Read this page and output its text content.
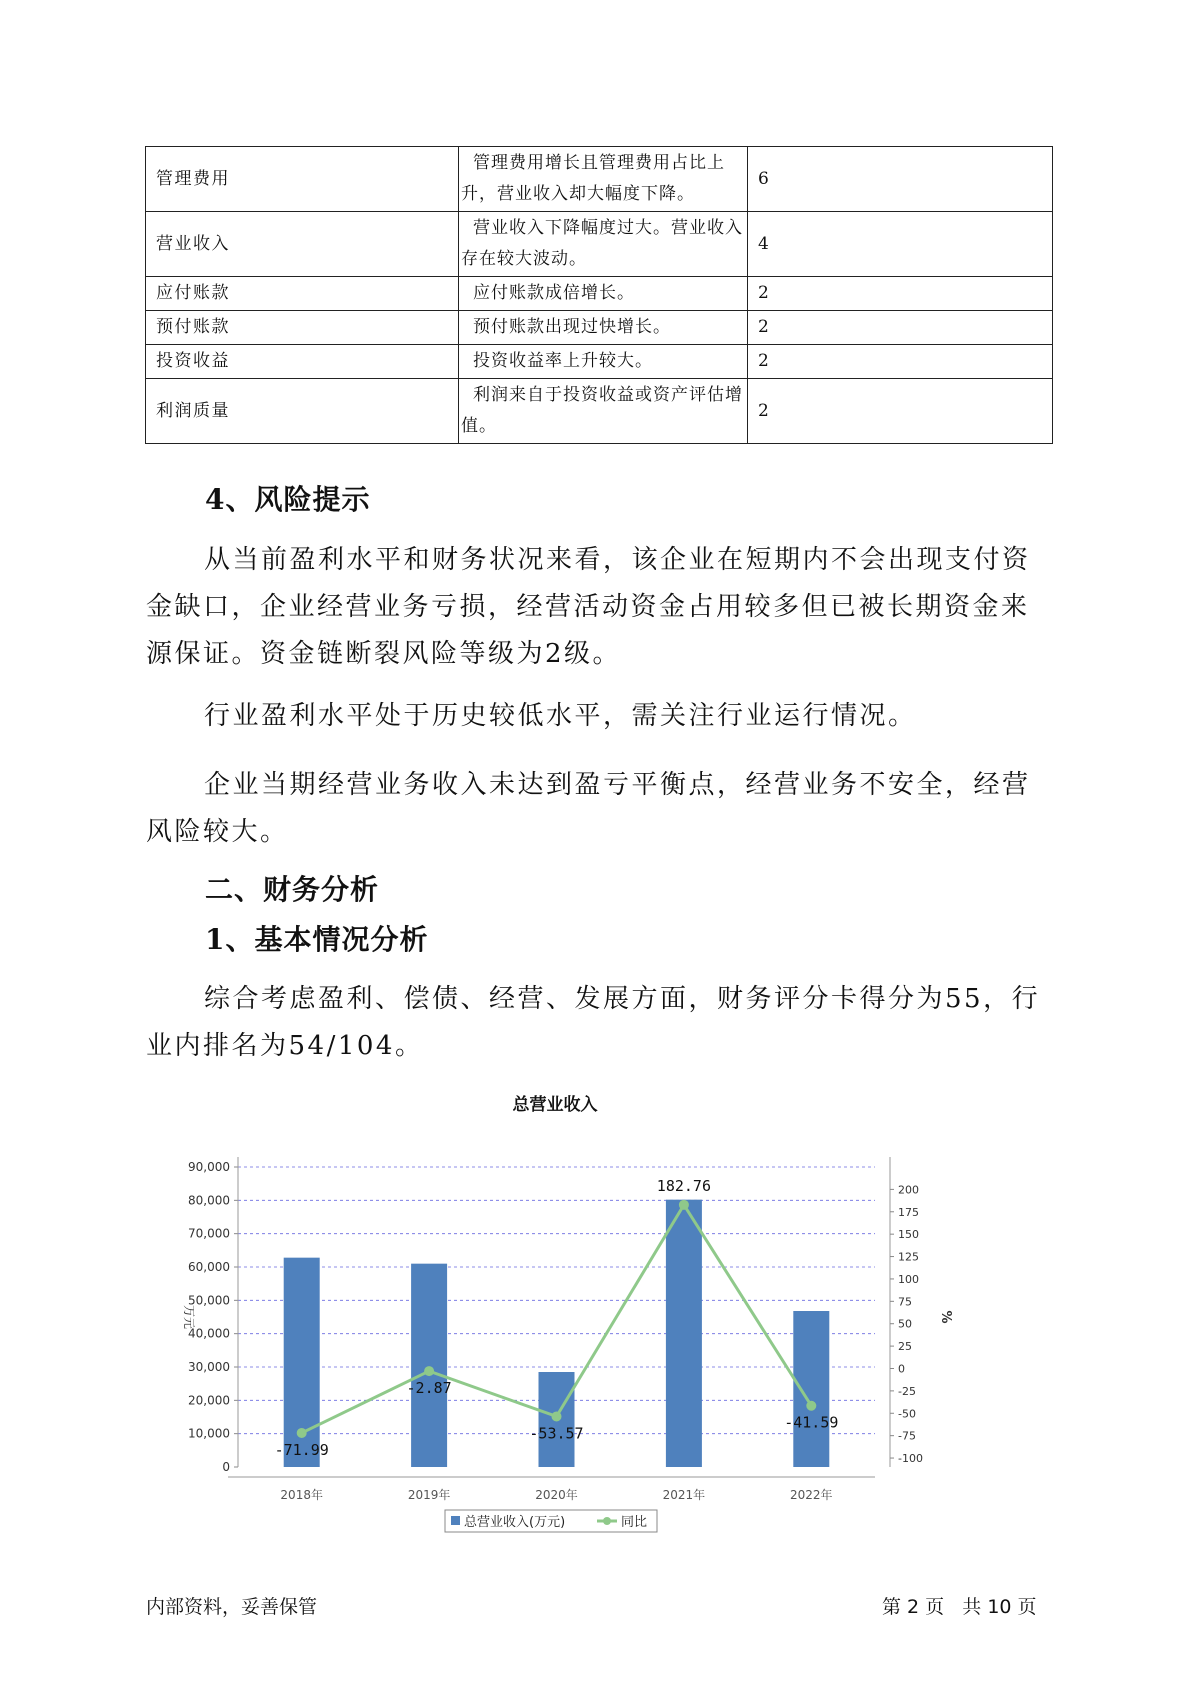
管理费用	管理费用增长且管理费用占比上升，营业收入却大幅度下降。	6
营业收入	营业收入下降幅度过大。营业收入存在较大波动。	4
应付账款	应付账款成倍增长。	2
预付账款	预付账款出现过快增长。	2
投资收益	投资收益率上升较大。	2
利润质量	利润来自于投资收益或资产评估增值。	2
4、风险提示
从当前盈利水平和财务状况来看，该企业在短期内不会出现支付资金缺口，企业经营业务亏损，经营活动资金占用较多但已被长期资金来源保证。资金链断裂风险等级为2级。
行业盈利水平处于历史较低水平，需关注行业运行情况。
企业当期经营业务收入未达到盈亏平衡点，经营业务不安全，经营风险较大。
二、财务分析
1、基本情况分析
综合考虑盈利、偿债、经营、发展方面，财务评分卡得分为55，行业内排名为54/104。
总营业收入
0
10,000
20,000
30,000
40,000
50,000
60,000
70,000
80,000
90,000
-100
-75
-50
-25
0
25
50
75
100
125
150
175
200
万元	%
2018年	2019年	2020年	2021年	2022年
-71.99
-2.87
-53.57
182.76
-41.59
总营业收入(万元)	同比
内部资料，妥善保管	第 2 页   共 10 页
